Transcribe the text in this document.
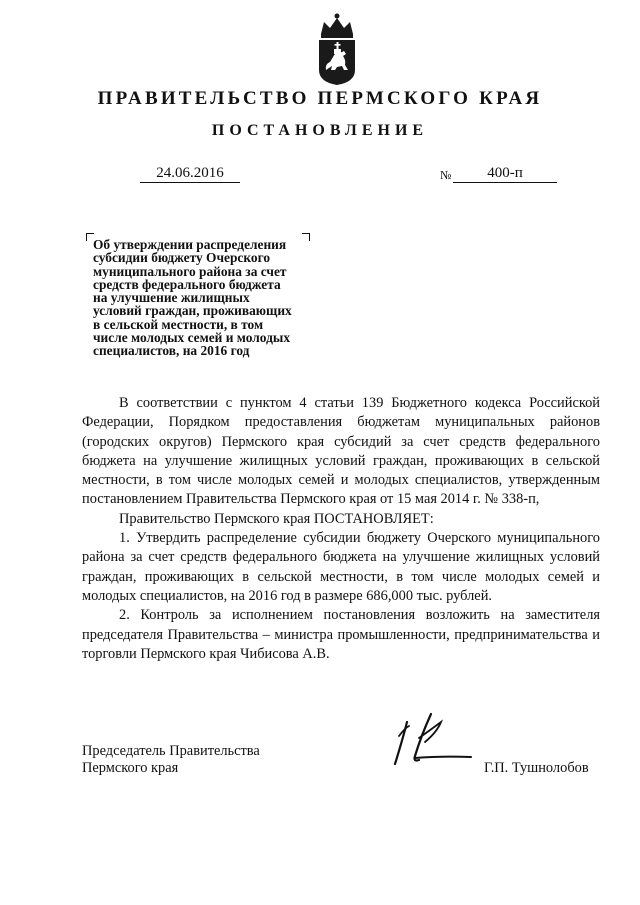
ПРАВИТЕЛЬСТВО ПЕРМСКОГО КРАЯ
ПОСТАНОВЛЕНИЕ
24.06.2016	№	400-п
Об утверждении распределения
субсидии бюджету Очерского
муниципального района за счет
средств федерального бюджета
на улучшение жилищных
условий граждан, проживающих
в сельской местности, в том
числе молодых семей и молодых
специалистов, на 2016 год

В соответствии с пунктом 4 статьи 139 Бюджетного кодекса Российской Федерации, Порядком предоставления бюджетам муниципальных районов (городских округов) Пермского края субсидий за счет средств федерального бюджета на улучшение жилищных условий граждан, проживающих в сельской местности, в том числе молодых семей и молодых специалистов, утвержденным постановлением Правительства Пермского края от 15 мая 2014 г. № 338-п,

Правительство Пермского края ПОСТАНОВЛЯЕТ:

1. Утвердить распределение субсидии бюджету Очерского муниципального района за счет средств федерального бюджета на улучшение жилищных условий граждан, проживающих в сельской местности, в том числе молодых семей и молодых специалистов, на 2016 год в размере 686,000 тыс. рублей.

2. Контроль за исполнением постановления возложить на заместителя председателя Правительства – министра промышленности, предпринимательства и торговли Пермского края Чибисова А.В.

Председатель Правительства
Пермского края	Г.П. Тушнолобов
